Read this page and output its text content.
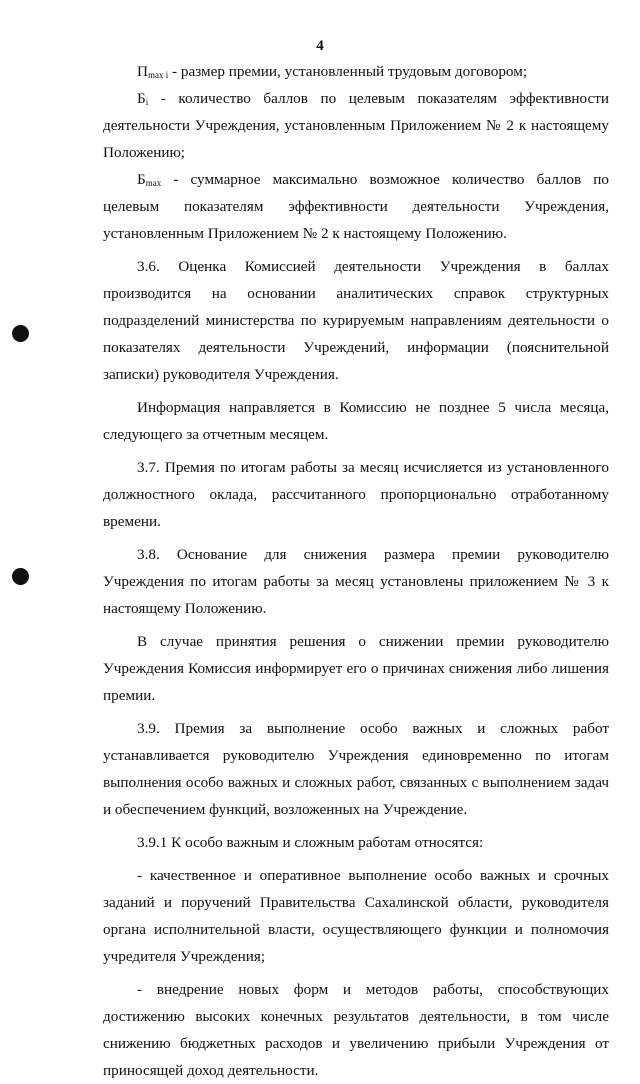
4

$П_{max i}$ - размер премии, установленный трудовым договором;

$Б_i$ - количество баллов по целевым показателям эффективности деятельности Учреждения, установленным Приложением № 2 к настоящему Положению;

$Б_{max}$ - суммарное максимально возможное количество баллов по целевым показателям эффективности деятельности Учреждения, установленным Приложением № 2 к настоящему Положению.

3.6. Оценка Комиссией деятельности Учреждения в баллах производится на основании аналитических справок структурных подразделений министерства по курируемым направлениям деятельности о показателях деятельности Учреждений, информации (пояснительной записки) руководителя Учреждения.

Информация направляется в Комиссию не позднее 5 числа месяца, следующего за отчетным месяцем.

3.7. Премия по итогам работы за месяц исчисляется из установленного должностного оклада, рассчитанного пропорционально отработанному времени.

3.8. Основание для снижения размера премии руководителю Учреждения по итогам работы за месяц установлены приложением № 3 к настоящему Положению.

В случае принятия решения о снижении премии руководителю Учреждения Комиссия информирует его о причинах снижения либо лишения премии.

3.9. Премия за выполнение особо важных и сложных работ устанавливается руководителю Учреждения единовременно по итогам выполнения особо важных и сложных работ, связанных с выполнением задач и обеспечением функций, возложенных на Учреждение.

3.9.1 К особо важным и сложным работам относятся:

- качественное и оперативное выполнение особо важных и срочных заданий и поручений Правительства Сахалинской области, руководителя органа исполнительной власти, осуществляющего функции и полномочия учредителя Учреждения;

- внедрение новых форм и методов работы, способствующих достижению высоких конечных результатов деятельности, в том числе снижению бюджетных расходов и увеличению прибыли Учреждения от приносящей доход деятельности.
